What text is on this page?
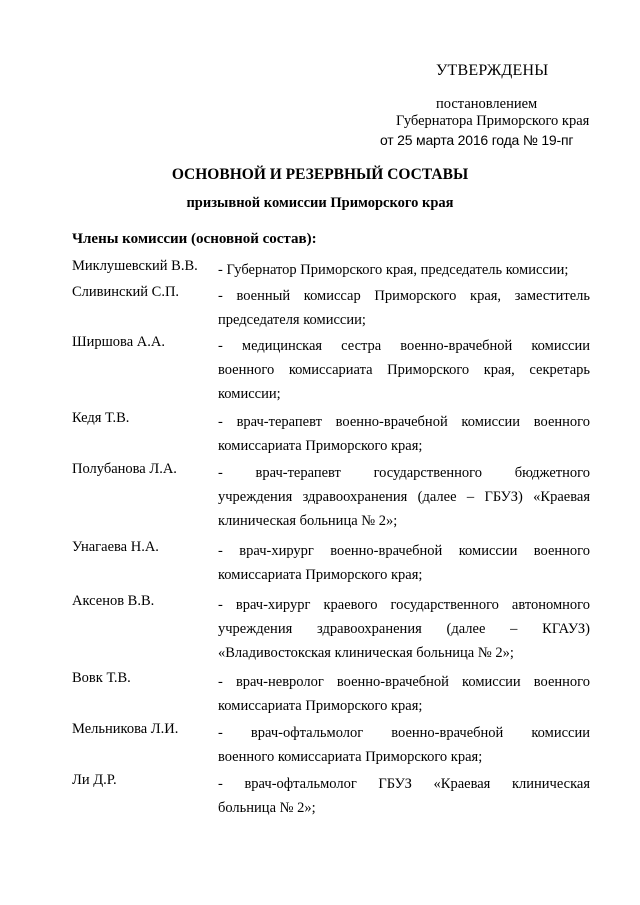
УТВЕРЖДЕНЫ
постановлением
Губернатора Приморского края
от 25 марта 2016 года № 19-пг
ОСНОВНОЙ И РЕЗЕРВНЫЙ СОСТАВЫ
призывной комиссии Приморского края
Члены комиссии (основной состав):
Миклушевский В.В. - Губернатор Приморского края, председатель комиссии;
Сливинский С.П.	- военный комиссар Приморского края, заместитель
председателя комиссии;
Ширшова А.А.	- медицинская сестра военно-врачебной комиссии
военного комиссариата Приморского края, секретарь
комиссии;
Кедя Т.В.	- врач-терапевт военно-врачебной комиссии военного
комиссариата Приморского края;
Полубанова Л.А.	- врач-терапевт государственного бюджетного
учреждения здравоохранения (далее – ГБУЗ) «Краевая
клиническая больница № 2»;
Унагаева Н.А.	- врач-хирург военно-врачебной комиссии военного
комиссариата Приморского края;
Аксенов В.В.	- врач-хирург краевого государственного автономного
учреждения здравоохранения (далее – КГАУЗ)
«Владивостокская клиническая больница № 2»;
Вовк Т.В.	- врач-невролог военно-врачебной комиссии военного
комиссариата Приморского края;
Мельникова Л.И.	- врач-офтальмолог военно-врачебной комиссии
военного комиссариата Приморского края;
Ли Д.Р.	- врач-офтальмолог ГБУЗ «Краевая клиническая
больница № 2»;
